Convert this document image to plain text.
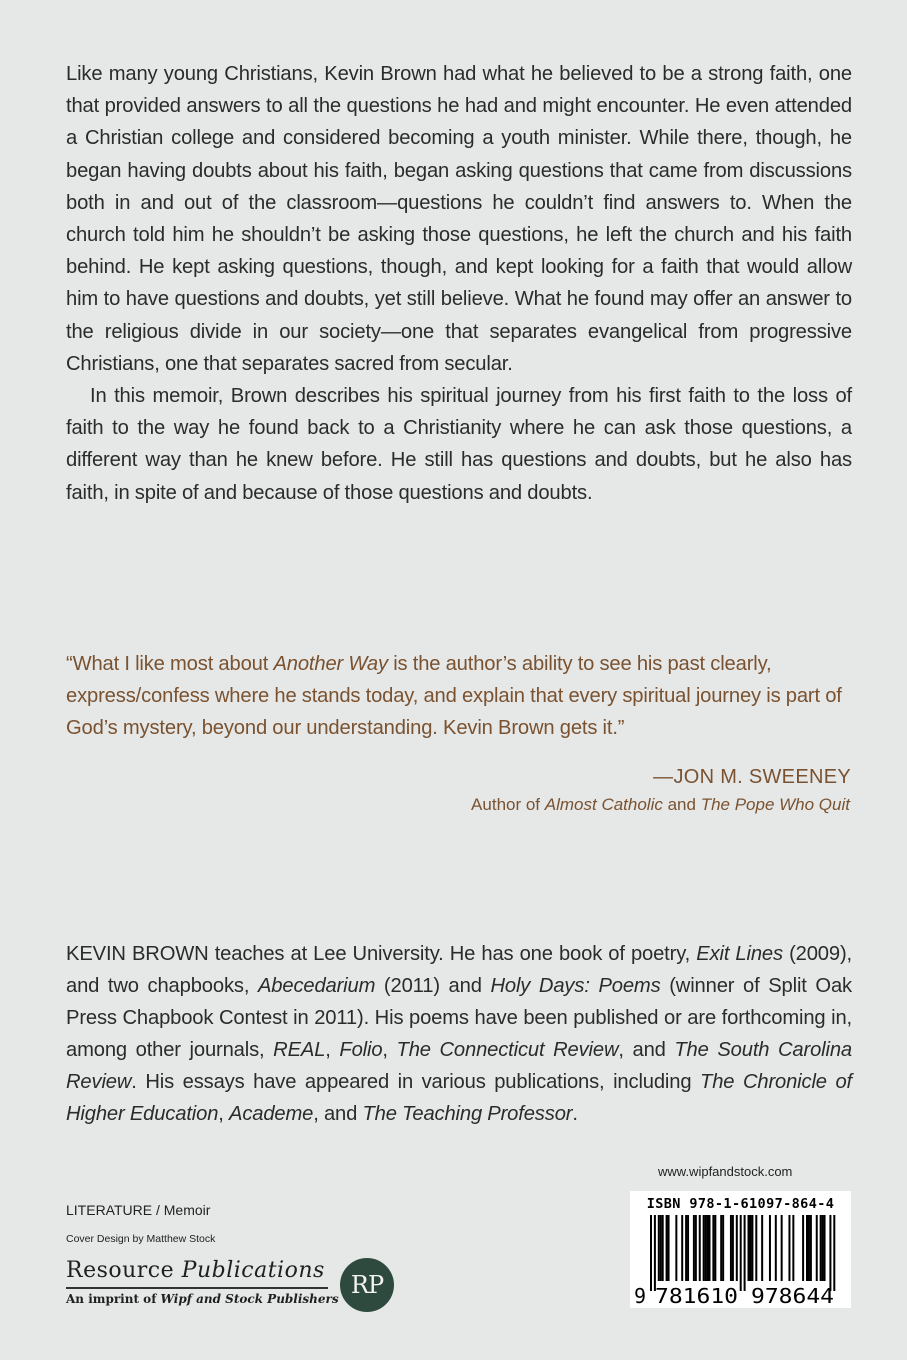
Like many young Christians, Kevin Brown had what he believed to be a strong faith, one that provided answers to all the questions he had and might encounter. He even attended a Christian college and considered becoming a youth minister. While there, though, he began having doubts about his faith, began asking questions that came from discussions both in and out of the classroom—questions he couldn’t find answers to. When the church told him he shouldn’t be asking those questions, he left the church and his faith behind. He kept asking questions, though, and kept looking for a faith that would allow him to have questions and doubts, yet still believe. What he found may offer an answer to the religious divide in our society—one that separates evangelical from progressive Christians, one that separates sacred from secular.

In this memoir, Brown describes his spiritual journey from his first faith to the loss of faith to the way he found back to a Christianity where he can ask those questions, a different way than he knew before. He still has questions and doubts, but he also has faith, in spite of and because of those questions and doubts.

“What I like most about Another Way is the author’s ability to see his past clearly, express/confess where he stands today, and explain that every spiritual journey is part of God’s mystery, beyond our understanding. Kevin Brown gets it.”

—JON M. SWEENEY
Author of Almost Catholic and The Pope Who Quit

KEVIN BROWN teaches at Lee University. He has one book of poetry, Exit Lines (2009), and two chapbooks, Abecedarium (2011) and Holy Days: Poems (winner of Split Oak Press Chapbook Contest in 2011). His poems have been published or are forthcoming in, among other journals, REAL, Folio, The Connecticut Review, and The South Carolina Review. His essays have appeared in various publications, including The Chronicle of Higher Education, Academe, and The Teaching Professor.

www.wipfandstock.com
LITERATURE / Memoir
Cover Design by Matthew Stock
Resource Publications
An imprint of Wipf and Stock Publishers RP
ISBN 978-1-61097-864-4
9 781610 978644
